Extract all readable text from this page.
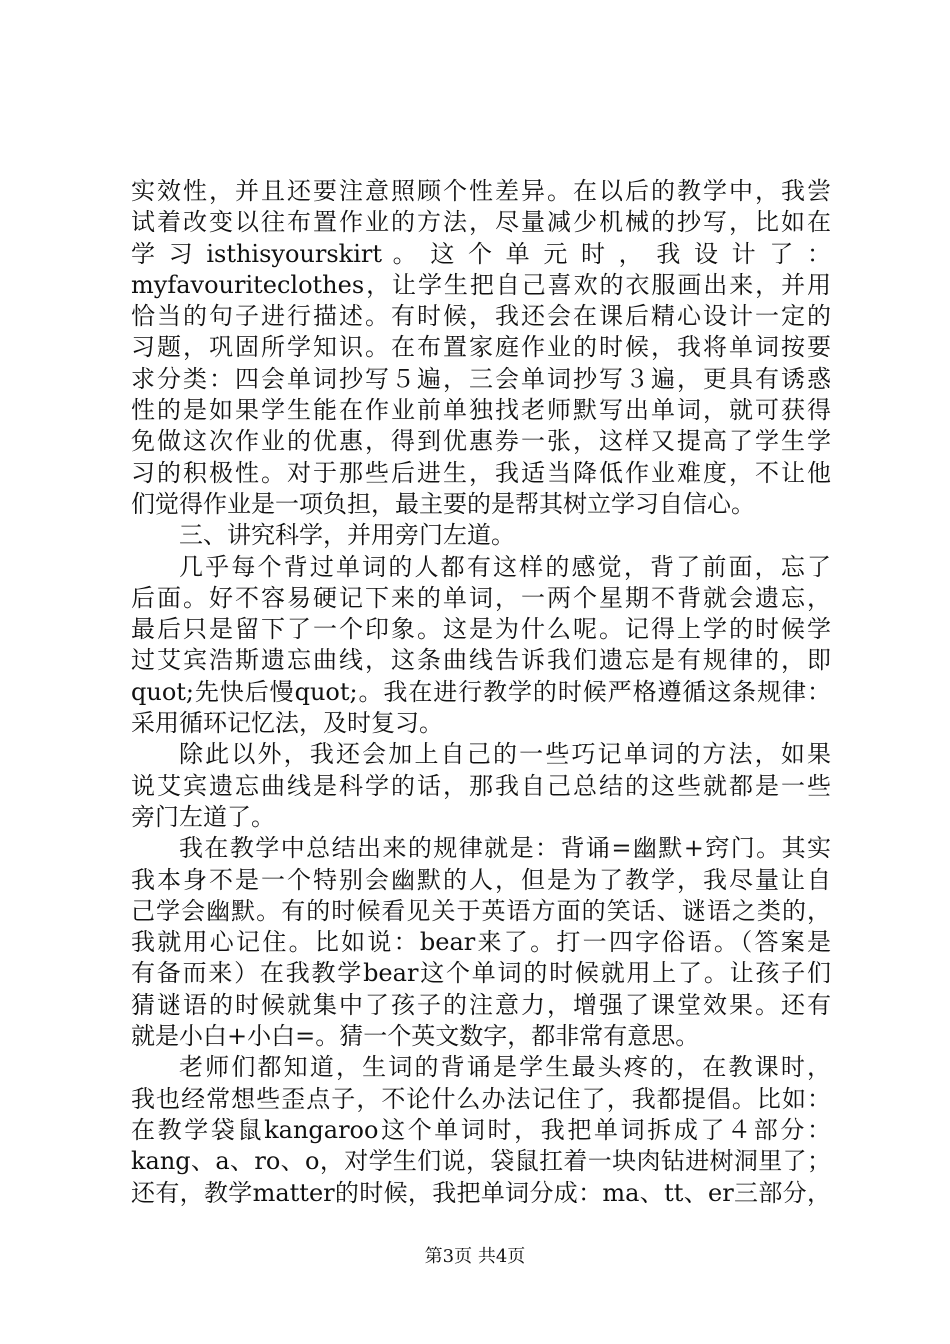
实效性，并且还要注意照顾个性差异。在以后的教学中，我尝
试着改变以往布置作业的方法，尽量减少机械的抄写，比如在
学 习 isthisyourskirt 。 这 个 单 元 时 ， 我 设 计 了 ：
myfavouriteclothes，让学生把自己喜欢的衣服画出来，并用
恰当的句子进行描述。有时候，我还会在课后精心设计一定的
习题，巩固所学知识。在布置家庭作业的时候，我将单词按要
求分类：四会单词抄写５遍，三会单词抄写３遍，更具有诱惑
性的是如果学生能在作业前单独找老师默写出单词，就可获得
免做这次作业的优惠，得到优惠券一张，这样又提高了学生学
习的积极性。对于那些后进生，我适当降低作业难度，不让他
们觉得作业是一项负担，最主要的是帮其树立学习自信心。
三、讲究科学，并用旁门左道。
几乎每个背过单词的人都有这样的感觉，背了前面，忘了
后面。好不容易硬记下来的单词，一两个星期不背就会遗忘，
最后只是留下了一个印象。这是为什么呢。记得上学的时候学
过艾宾浩斯遗忘曲线，这条曲线告诉我们遗忘是有规律的，即
quot;先快后慢quot;。我在进行教学的时候严格遵循这条规律：
采用循环记忆法，及时复习。
除此以外，我还会加上自己的一些巧记单词的方法，如果
说艾宾遗忘曲线是科学的话，那我自己总结的这些就都是一些
旁门左道了。
我在教学中总结出来的规律就是：背诵=幽默+窍门。其实
我本身不是一个特别会幽默的人，但是为了教学，我尽量让自
己学会幽默。有的时候看见关于英语方面的笑话、谜语之类的，
我就用心记住。比如说：bear来了。打一四字俗语。（答案是
有备而来）在我教学bear这个单词的时候就用上了。让孩子们
猜谜语的时候就集中了孩子的注意力，增强了课堂效果。还有
就是小白+小白=。猜一个英文数字，都非常有意思。
老师们都知道，生词的背诵是学生最头疼的，在教课时，
我也经常想些歪点子，不论什么办法记住了，我都提倡。比如：
在教学袋鼠kangaroo这个单词时，我把单词拆成了４部分：
kang、a、ro、o，对学生们说，袋鼠扛着一块肉钻进树洞里了；
还有，教学matter的时候，我把单词分成：ma、tt、er三部分，
第3页 共4页
